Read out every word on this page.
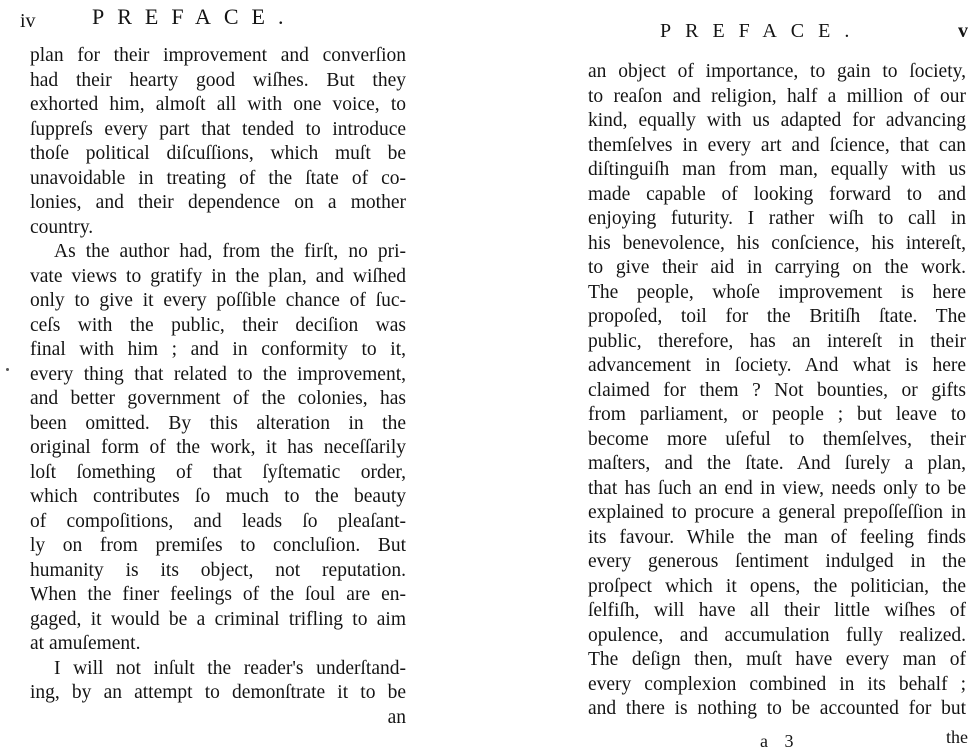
iv	PREFACE.
plan for their improvement and converſion
had their hearty good wiſhes. But they
exhorted him, almoſt all with one voice, to
ſuppreſs every part that tended to introduce
thoſe political diſcuſſions, which muſt be
unavoidable in treating of the ſtate of co-
lonies, and their dependence on a mother
country.
As the author had, from the firſt, no pri-
vate views to gratify in the plan, and wiſhed
only to give it every poſſible chance of ſuc-
ceſs with the public, their deciſion was
final with him ; and in conformity to it,
every thing that related to the improvement,
and better government of the colonies, has
been omitted. By this alteration in the
original form of the work, it has neceſſarily
loſt ſomething of that ſyſtematic order,
which contributes ſo much to the beauty
of compoſitions, and leads ſo pleaſant-
ly on from premiſes to concluſion. But
humanity is its object, not reputation.
When the finer feelings of the ſoul are en-
gaged, it would be a criminal trifling to aim
at amuſement.
I will not inſult the reader's underſtand-
ing, by an attempt to demonſtrate it to be
an
PREFACE.	v
an object of importance, to gain to ſociety,
to reaſon and religion, half a million of our
kind, equally with us adapted for advancing
themſelves in every art and ſcience, that can
diſtinguiſh man from man, equally with us
made capable of looking forward to and
enjoying futurity. I rather wiſh to call in
his benevolence, his conſcience, his intereſt,
to give their aid in carrying on the work.
The people, whoſe improvement is here
propoſed, toil for the Britiſh ſtate. The
public, therefore, has an intereſt in their
advancement in ſociety. And what is here
claimed for them ? Not bounties, or gifts
from parliament, or people ; but leave to
become more uſeful to themſelves, their
maſters, and the ſtate. And ſurely a plan,
that has ſuch an end in view, needs only to be
explained to procure a general prepoſſeſſion in
its favour. While the man of feeling finds
every generous ſentiment indulged in the
proſpect which it opens, the politician, the
ſelfiſh, will have all their little wiſhes of
opulence, and accumulation fully realized.
The deſign then, muſt have every man of
every complexion combined in its behalf ;
and there is nothing to be accounted for but
a 3	the
